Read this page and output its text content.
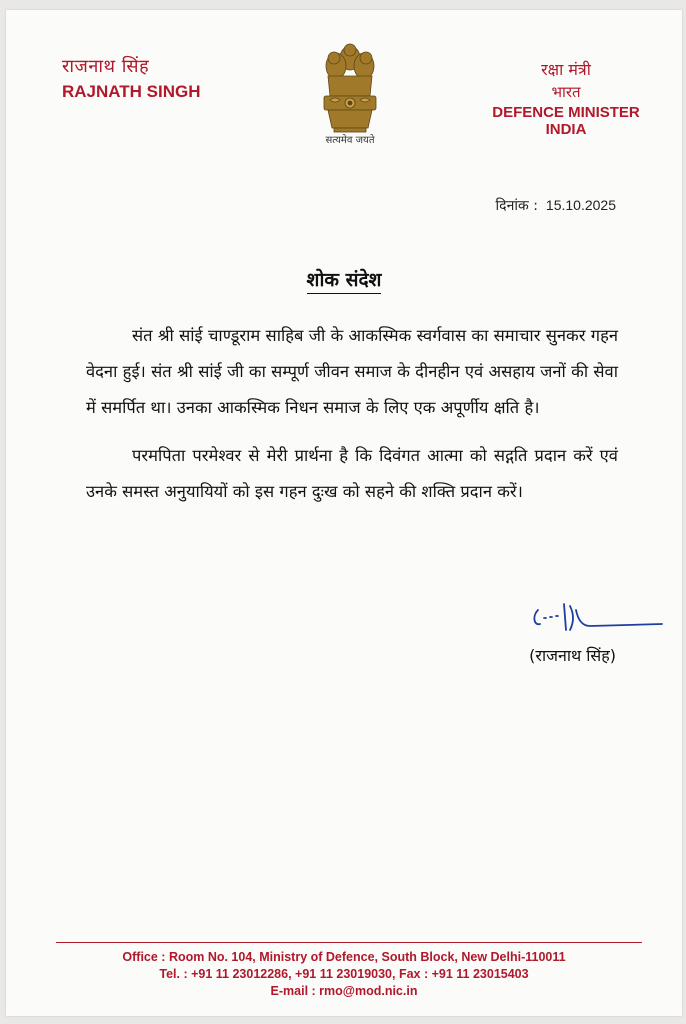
राजनाथ सिंह
RAJNATH SINGH
सत्यमेव जयते
रक्षा मंत्री
भारत
DEFENCE MINISTER
INDIA
दिनांक : 15.10.2025
शोक संदेश

संत श्री सांई चाण्डूराम साहिब जी के आकस्मिक स्वर्गवास का समाचार सुनकर गहन वेदना हुई। संत श्री सांई जी का सम्पूर्ण जीवन समाज के दीनहीन एवं असहाय जनों की सेवा में समर्पित था। उनका आकस्मिक निधन समाज के लिए एक अपूर्णीय क्षति है।

परमपिता परमेश्वर से मेरी प्रार्थना है कि दिवंगत आत्मा को सद्गति प्रदान करें एवं उनके समस्त अनुयायियों को इस गहन दुःख को सहने की शक्ति प्रदान करें।

(राजनाथ सिंह)
Office : Room No. 104, Ministry of Defence, South Block, New Delhi-110011
Tel. : +91 11 23012286, +91 11 23019030, Fax : +91 11 23015403
E-mail : rmo@mod.nic.in
